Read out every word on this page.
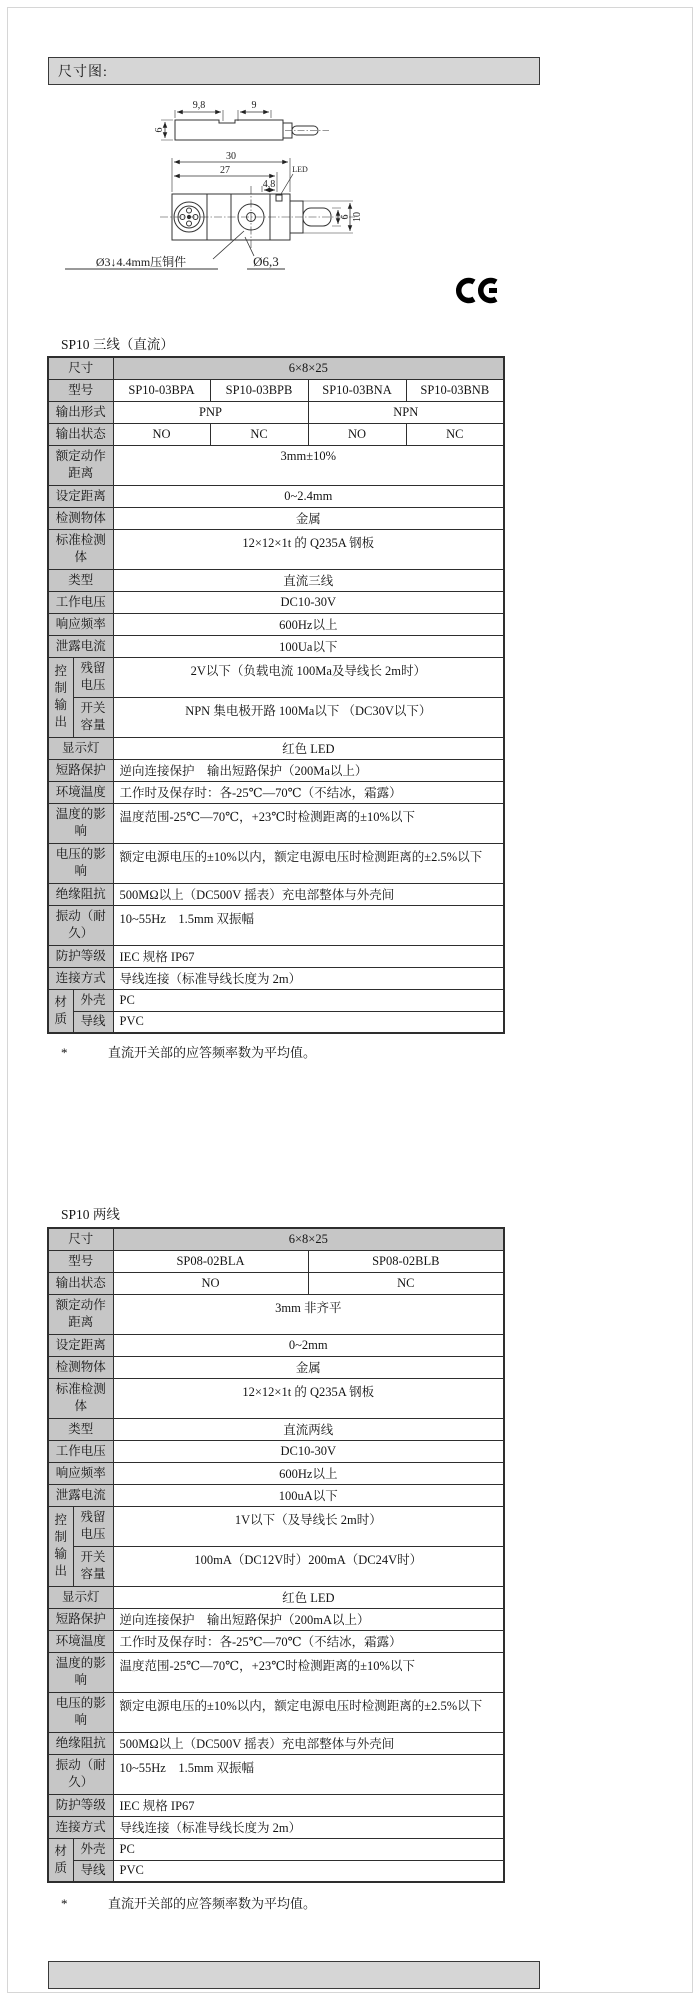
尺寸图:
9,8	9
6
30
27
4,8
LED
6 10
Ø3↓4.4mm压铜件	Ø6,3
SP10 三线（直流）
尺寸		6×8×25			
型号		SP10-03BPA	SP10-03BPB	SP10-03BNA	SP10-03BNB
输出形式		PNP		NPN	
输出状态		NO	NC	NO	NC
额定动作距离		3mm±10%			
设定距离		0~2.4mm			
检测物体		金属			
标准检测体		12×12×1t 的 Q235A 钢板			
类型		直流三线			
工作电压		DC10-30V			
响应频率		600Hz以上			
泄露电流		100Ua以下			
控制输出	残留电压	2V以下（负载电流 100Ma及导线长 2m时）			
	开关容量	NPN 集电极开路 100Ma以下 （DC30V以下）			
显示灯		红色 LED			
短路保护		逆向连接保护　输出短路保护（200Ma以上）			
环境温度		工作时及保存时：各-25℃—70℃（不结冰，霜露）			
温度的影响		温度范围-25℃—70℃，+23℃时检测距离的±10%以下			
电压的影响		额定电源电压的±10%以内，额定电源电压时检测距离的±2.5%以下			
绝缘阻抗		500MΩ以上（DC500V 摇表）充电部整体与外壳间			
振动（耐久）		10~55Hz　1.5mm 双振幅			
防护等级		IEC 规格 IP67			
连接方式		导线连接（标准导线长度为 2m）			
材质	外壳	PC			
	导线	PVC			
*	直流开关部的应答频率数为平均值。
SP10 两线
尺寸		6×8×25	
型号		SP08-02BLA	SP08-02BLB
输出状态		NO	NC
额定动作距离		3mm 非齐平	
设定距离		0~2mm	
检测物体		金属	
标准检测体		12×12×1t 的 Q235A 钢板	
类型		直流两线	
工作电压		DC10-30V	
响应频率		600Hz以上	
泄露电流		100uA以下	
控制输出	残留电压	1V以下（及导线长 2m时）	
	开关容量	100mA（DC12V时）200mA（DC24V时）	
显示灯		红色 LED	
短路保护		逆向连接保护　输出短路保护（200mA以上）	
环境温度		工作时及保存时：各-25℃—70℃（不结冰，霜露）	
温度的影响		温度范围-25℃—70℃，+23℃时检测距离的±10%以下	
电压的影响		额定电源电压的±10%以内，额定电源电压时检测距离的±2.5%以下	
绝缘阻抗		500MΩ以上（DC500V 摇表）充电部整体与外壳间	
振动（耐久）		10~55Hz　1.5mm 双振幅	
防护等级		IEC 规格 IP67	
连接方式		导线连接（标准导线长度为 2m）	
材质	外壳	PC	
	导线	PVC	
*	直流开关部的应答频率数为平均值。
